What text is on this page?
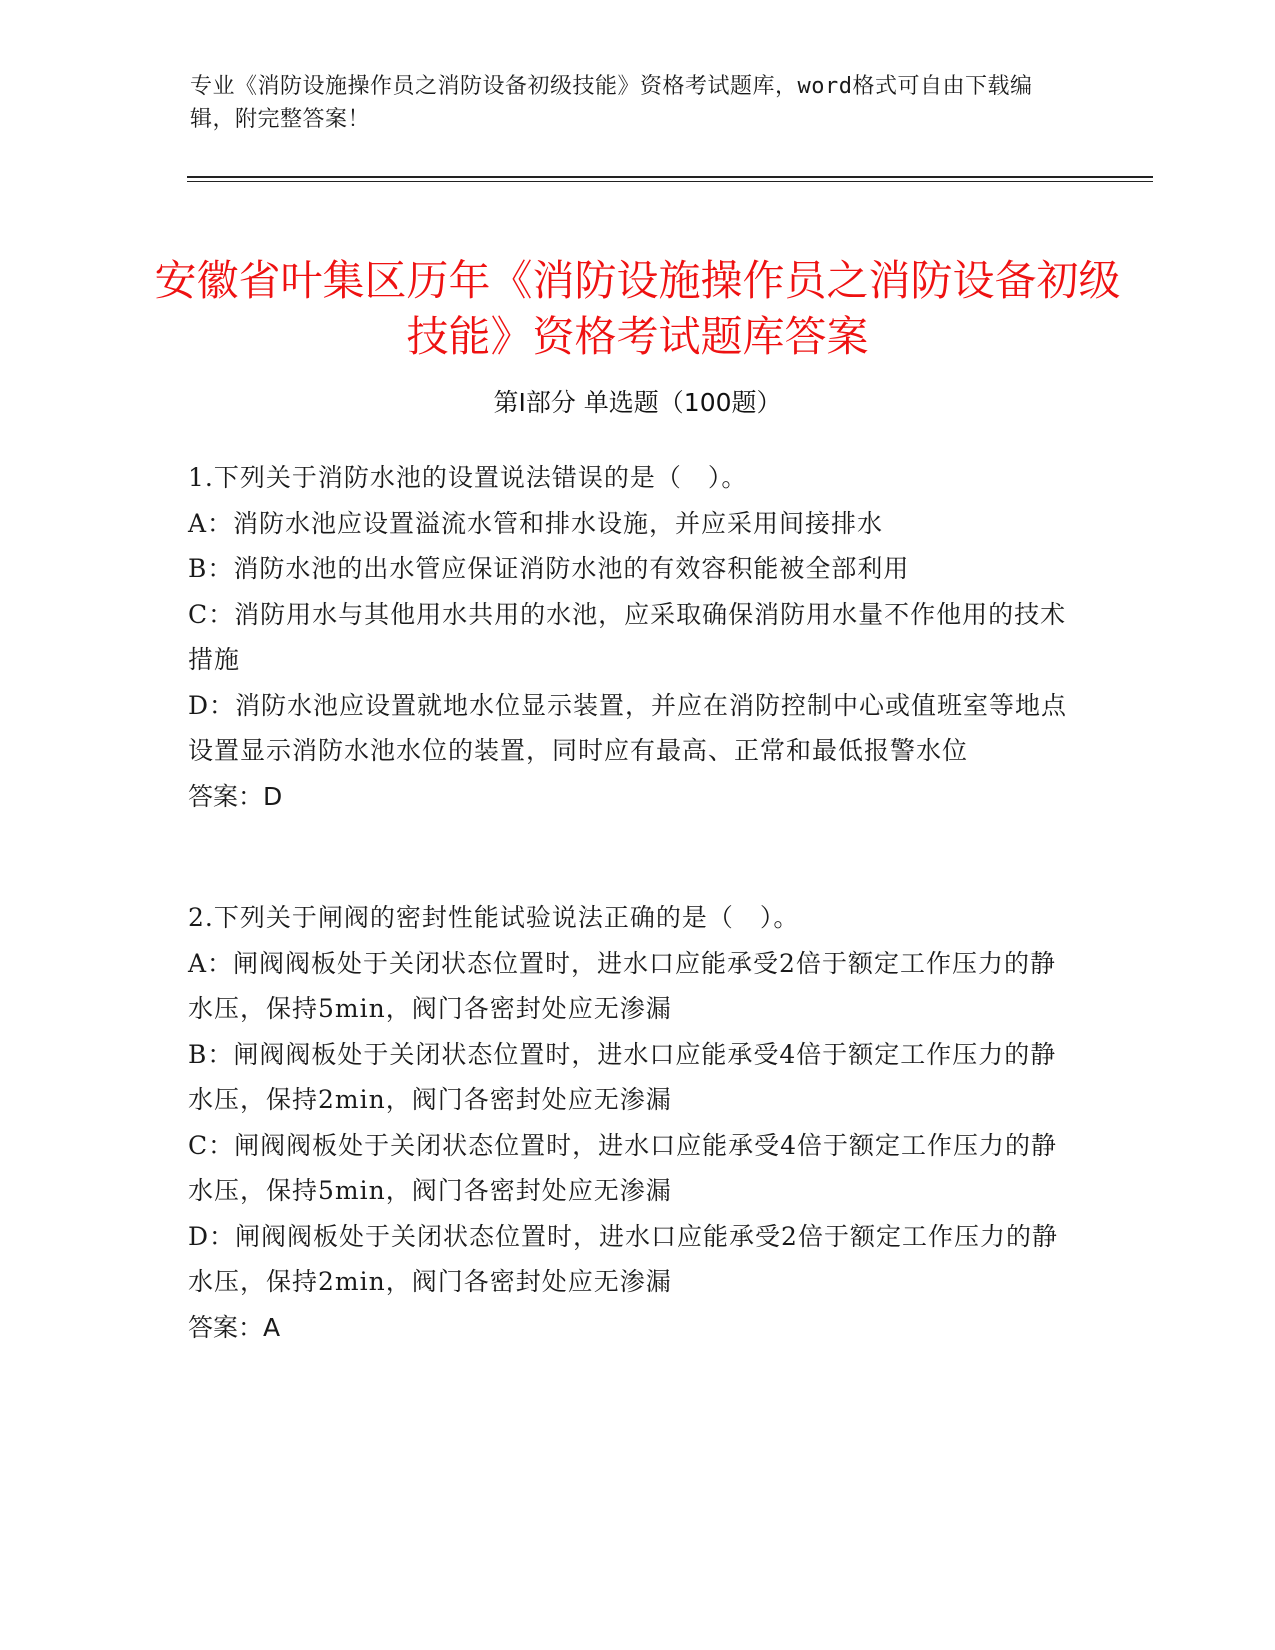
专业《消防设施操作员之消防设备初级技能》资格考试题库，word格式可自由下载编辑，附完整答案！
安徽省叶集区历年《消防设施操作员之消防设备初级技能》资格考试题库答案
第Ⅰ部分 单选题（100题）
1.下列关于消防水池的设置说法错误的是（　）。
A：消防水池应设置溢流水管和排水设施，并应采用间接排水
B：消防水池的出水管应保证消防水池的有效容积能被全部利用
C：消防用水与其他用水共用的水池，应采取确保消防用水量不作他用的技术措施
D：消防水池应设置就地水位显示装置，并应在消防控制中心或值班室等地点设置显示消防水池水位的装置，同时应有最高、正常和最低报警水位
答案：D
2.下列关于闸阀的密封性能试验说法正确的是（　）。
A：闸阀阀板处于关闭状态位置时，进水口应能承受2倍于额定工作压力的静水压，保持5min，阀门各密封处应无渗漏
B：闸阀阀板处于关闭状态位置时，进水口应能承受4倍于额定工作压力的静水压，保持2min，阀门各密封处应无渗漏
C：闸阀阀板处于关闭状态位置时，进水口应能承受4倍于额定工作压力的静水压，保持5min，阀门各密封处应无渗漏
D：闸阀阀板处于关闭状态位置时，进水口应能承受2倍于额定工作压力的静水压，保持2min，阀门各密封处应无渗漏
答案：A
